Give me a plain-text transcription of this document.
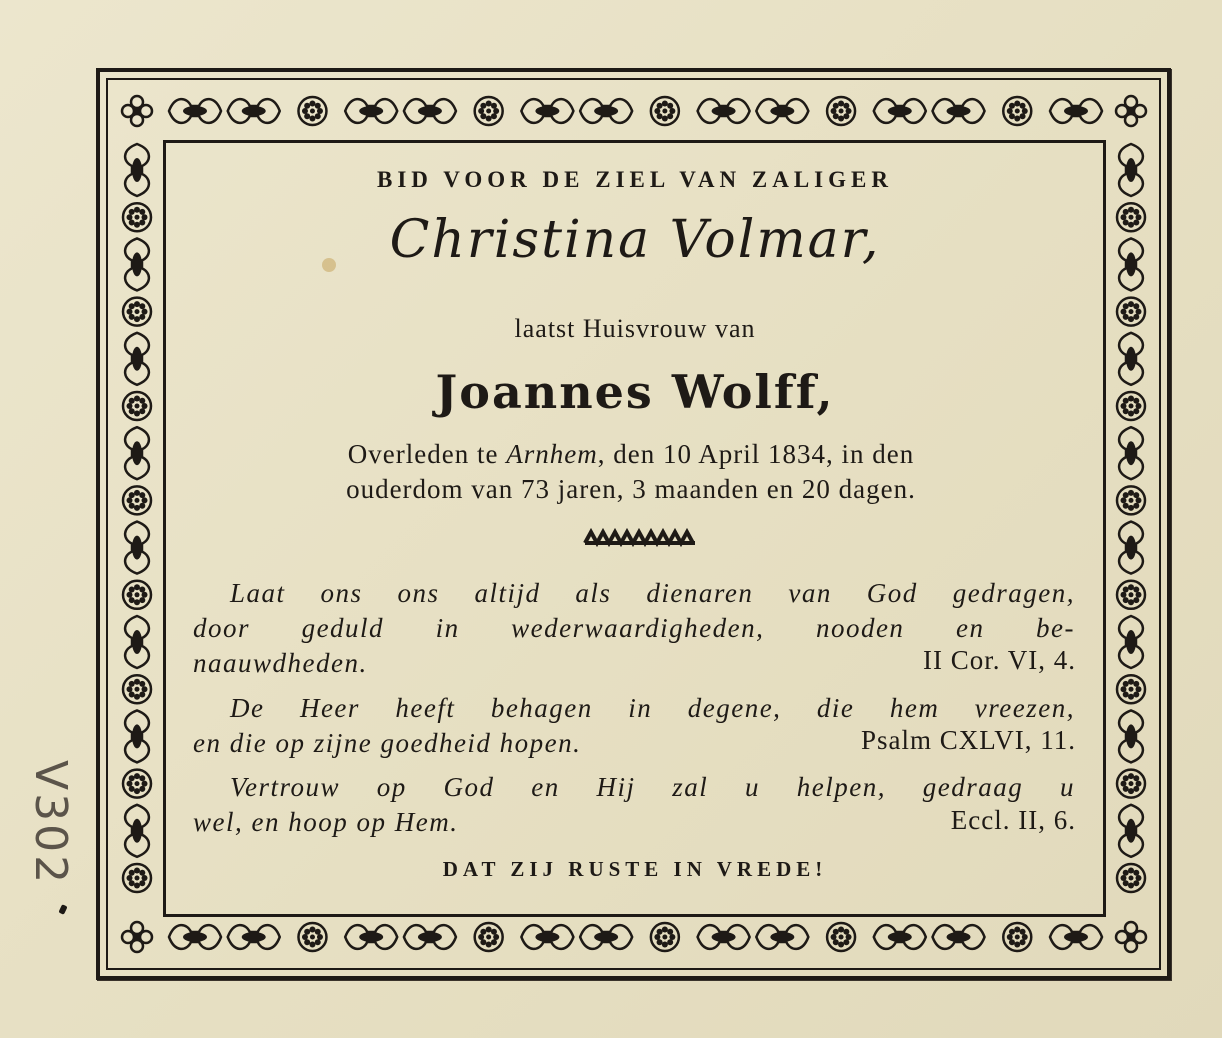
BID VOOR DE ZIEL VAN ZALIGER
Christina Volmar,
laatst Huisvrouw van
Joannes Wolff,
Overleden te Arnhem, den 10 April 1834, in den
ouderdom van 73 jaren, 3 maanden en 20 dagen.
Laat ons ons altijd als dienaren van God gedragen,
door geduld in wederwaardigheden, nooden en be-
naauwdheden.	II Cor. VI, 4.
De Heer heeft behagen in degene, die hem vreezen,
en die op zijne goedheid hopen.	Psalm CXLVI, 11.
Vertrouw op God en Hij zal u helpen, gedraag u
wel, en hoop op Hem.	Eccl. II, 6.
DAT ZIJ RUSTE IN VREDE!
V302
